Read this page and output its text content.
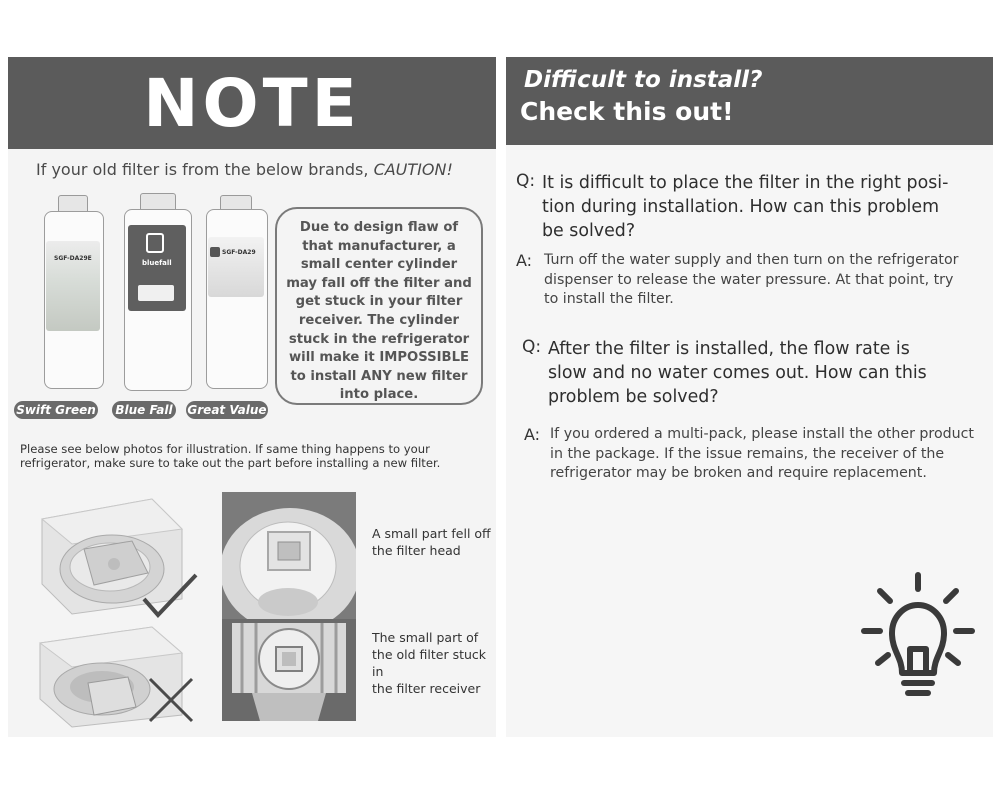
NOTE
If your old filter is from the below brands, CAUTION!
SGF-DA29E
bluefall
SGF-DA29
Due to design flaw of
that manufacturer, a
small center cylinder
may fall off the filter and
get stuck in your filter
receiver. The cylinder
stuck in the refrigerator
will make it IMPOSSIBLE
to install ANY new filter
into place.
Swift Green Blue Fall Great Value
Please see below photos for illustration. If same thing happens to your
refrigerator, make sure to take out the part before installing a new filter.
A small part fell off
the filter head
The small part of
the old filter stuck in
the filter receiver
Difficult to install?
Check this out!
Q: It is difficult to place the filter in the right posi-
tion during installation. How can this problem
be solved?
A: Turn off the water supply and then turn on the refrigerator
dispenser to release the water pressure. At that point, try
to install the filter.
Q: After the filter is installed, the flow rate is
slow and no water comes out. How can this
problem be solved?
A: If you ordered a multi-pack, please install the other product
in the package. If the issue remains, the receiver of the
refrigerator may be broken and require replacement.
